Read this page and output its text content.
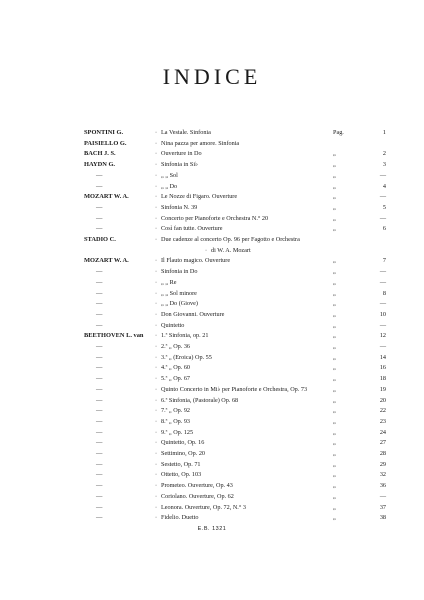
INDICE
SPONTINI G.	· La Vestale. Sinfonia	Pag.	1
PAISIELLO G.	· Nina pazza per amore. Sinfonia
BACH J. S.	· Ouverture in Do	„	2
HAYDN G.	· Sinfonia in Si♭	„	3
—	· „ „ Sol	„	—
—	· „ „ Do	„	4
MOZART W. A.	· Le Nozze di Figaro. Ouverture	„	—
—	· Sinfonia N. 39	„	5
—	· Concerto per Pianoforte e Orchestra N.° 20	„	—
—	· Così fan tutte. Ouverture	„	6
STADIO C.	· Due cadenze al concerto Op. 96 per Fagotto e Orchestra
· di W. A. Mozart
MOZART W. A.	· Il Flauto magico. Ouverture	„	7
—	· Sinfonia in Do	„	—
—	· „ „ Re	„	—
—	· „ „ Sol minore	„	8
—	· „ „ Do (Giove)	„	—
—	· Don Giovanni. Ouverture	„	10
—	· Quintetto	„	—
BEETHOVEN L. van	· 1.ª Sinfonia, op. 21	„	12
—	· 2.ª „ Op. 36	„	—
—	· 3.ª „ (Eroica) Op. 55	„	14
—	· 4.ª „ Op. 60	„	16
—	· 5.ª „ Op. 67	„	18
—	· Quinto Concerto in Mi♭ per Pianoforte e Orchestra, Op. 73	„	19
—	· 6.ª Sinfonia, (Pastorale) Op. 68	„	20
—	· 7.ª „ Op. 92	„	22
—	· 8.ª „ Op. 93	„	23
—	· 9.ª „ Op. 125	„	24
—	· Quintetto, Op. 16	„	27
—	· Settimino, Op. 20	„	28
—	· Sestetto, Op. 71	„	29
—	· Ottetto, Op. 103	„	32
—	· Prometeo. Ouverture, Op. 43	„	36
—	· Coriolano. Ouverture, Op. 62	„	—
—	· Leonora. Ouverture, Op. 72, N.° 3	„	37
—	· Fidelio. Duetto	„	38
E.B. 1321
